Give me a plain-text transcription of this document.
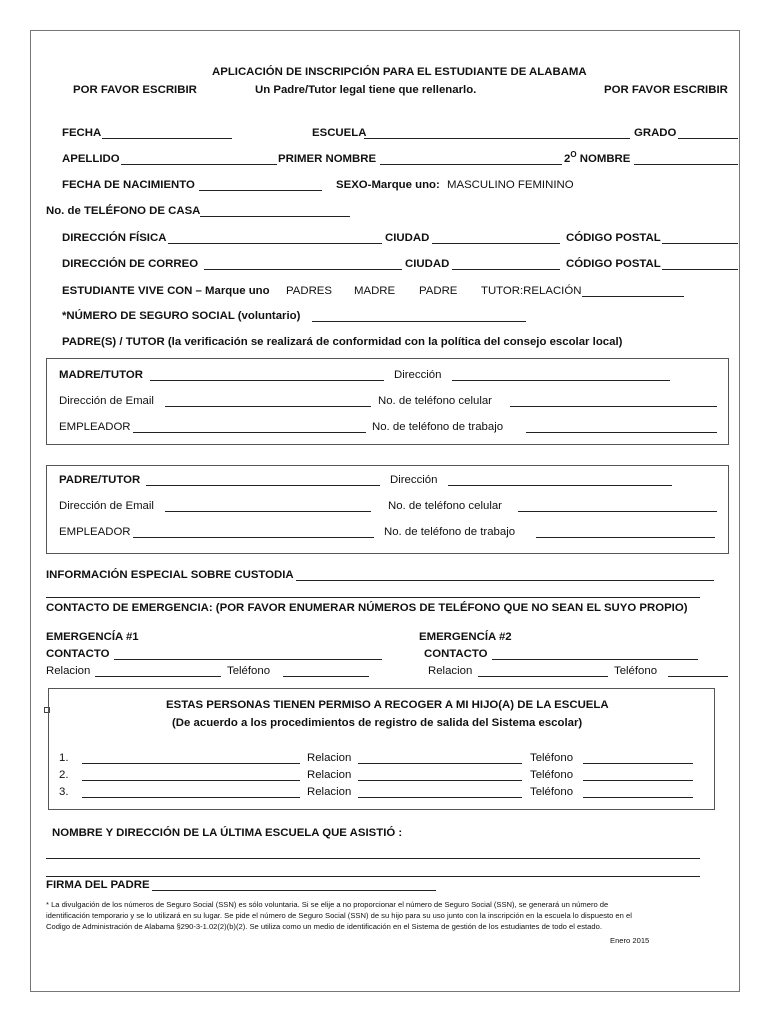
APLICACIÓN DE INSCRIPCIÓN PARA EL ESTUDIANTE DE ALABAMA
POR FAVOR ESCRIBIR	Un Padre/Tutor legal tiene que rellenarlo.	POR FAVOR ESCRIBIR
FECHA	ESCUELA	GRADO
APELLIDO	PRIMER NOMBRE	$2^O$ NOMBRE
FECHA DE NACIMIENTO	SEXO-Marque uno: MASCULINO FEMININO
No. de TELÉFONO DE CASA
DIRECCIÓN FÍSICA	CIUDAD	CÓDIGO POSTAL
DIRECCIÓN DE CORREO	CIUDAD	CÓDIGO POSTAL
ESTUDIANTE VIVE CON – Marque uno PADRES MADRE PADRE TUTOR:RELACIÓN
*NÚMERO DE SEGURO SOCIAL (voluntario)
PADRE(S) / TUTOR (la verificación se realizará de conformidad con la política del consejo escolar local)
MADRE/TUTOR	Dirección
Dirección de Email	No. de teléfono celular
EMPLEADOR	No. de teléfono de trabajo
PADRE/TUTOR	Dirección
Dirección de Email	No. de teléfono celular
EMPLEADOR	No. de teléfono de trabajo
INFORMACIÓN ESPECIAL SOBRE CUSTODIA
CONTACTO DE EMERGENCIA: (POR FAVOR ENUMERAR NÚMEROS DE TELÉFONO QUE NO SEAN EL SUYO PROPIO)
EMERGENCÍA #1	EMERGENCÍA #2
CONTACTO	CONTACTO
Relacion	Teléfono	Relacion	Teléfono
ESTAS PERSONAS TIENEN PERMISO A RECOGER A MI HIJO(A) DE LA ESCUELA
(De acuerdo a los procedimientos de registro de salida del Sistema escolar)
1.	Relacion	Teléfono
2.	Relacion	Teléfono
3.	Relacion	Teléfono
NOMBRE Y DIRECCIÓN DE LA ÚLTIMA ESCUELA QUE ASISTIÓ :
FIRMA DEL PADRE
* La divulgación de los números de Seguro Social (SSN) es sólo voluntaria. Si se elije a no proporcionar el número de Seguro Social (SSN), se generará un número de
identificación temporario y se lo utilizará en su lugar. Se pide el número de Seguro Social (SSN) de su hijo para su uso junto con la inscripción en la escuela lo dispuesto en el
Codigo de Administración de Alabama §290-3-1.02(2)(b)(2). Se utiliza como un medio de identificación en el Sistema de gestión de los estudiantes de todo el estado.
Enero 2015
